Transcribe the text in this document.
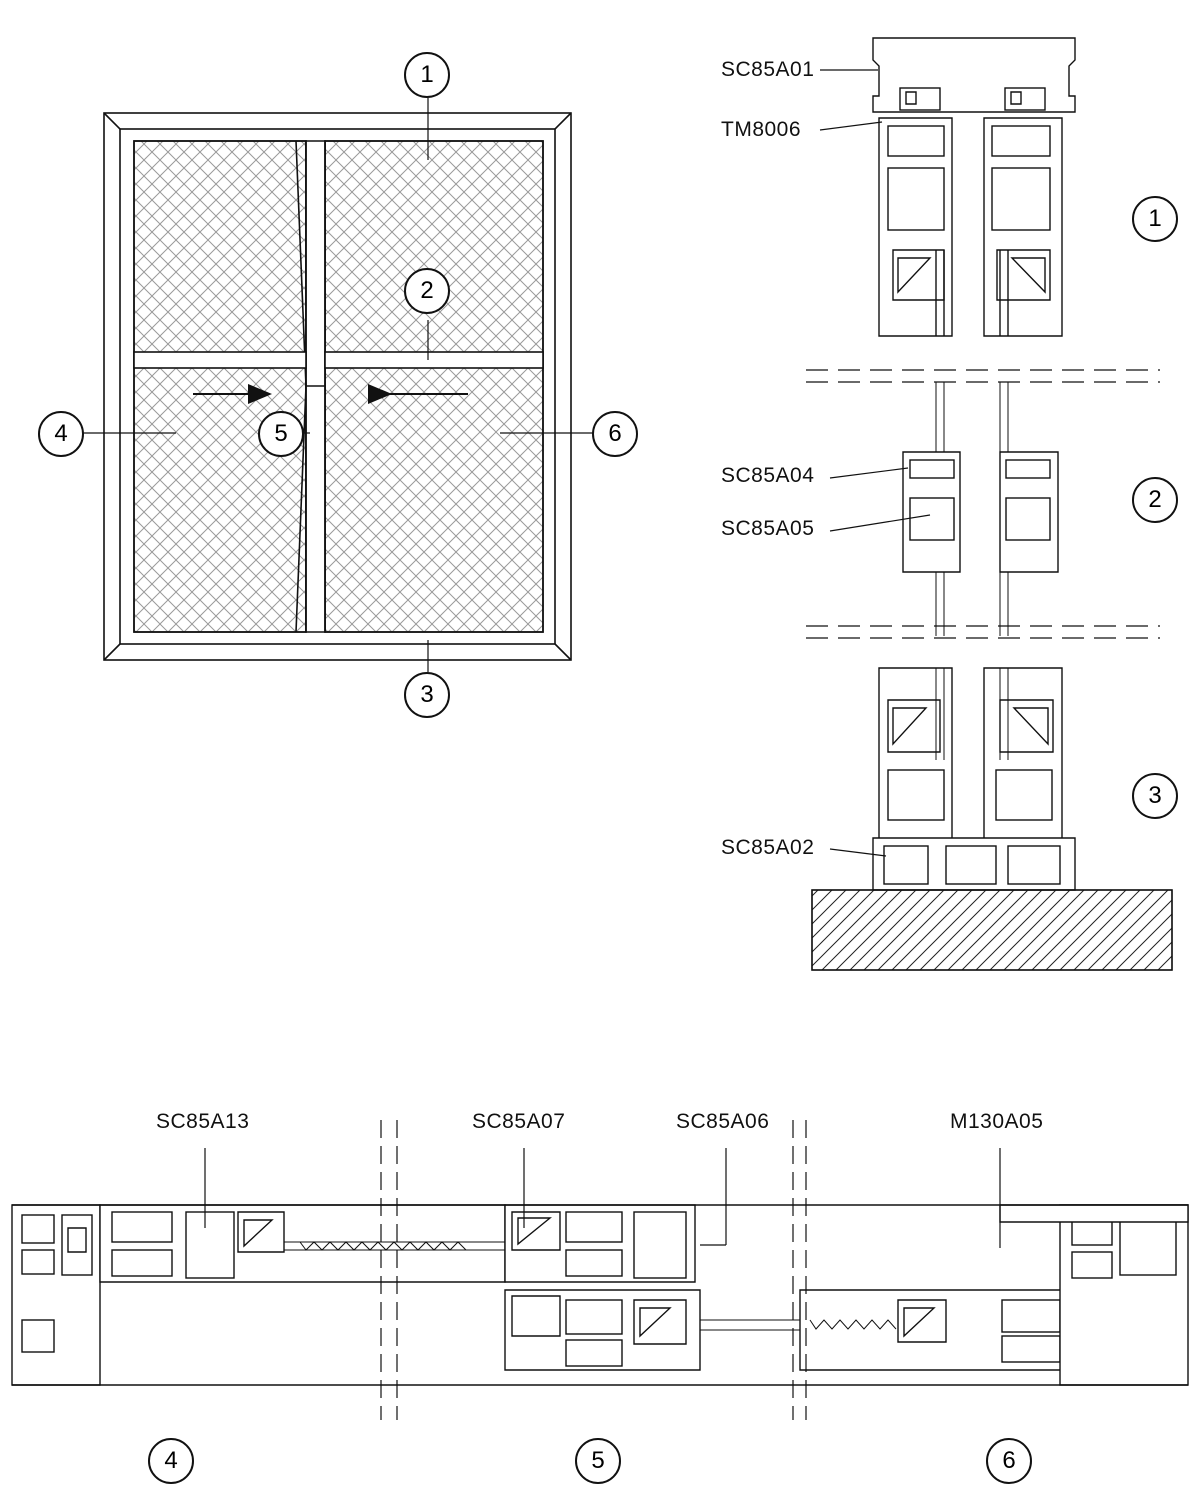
1
2
3
4	5	6
1
2
3
4	5	6
SC85A01
TM8006
SC85A04
SC85A05
SC85A02
SC85A13	SC85A07	SC85A06	M130A05
